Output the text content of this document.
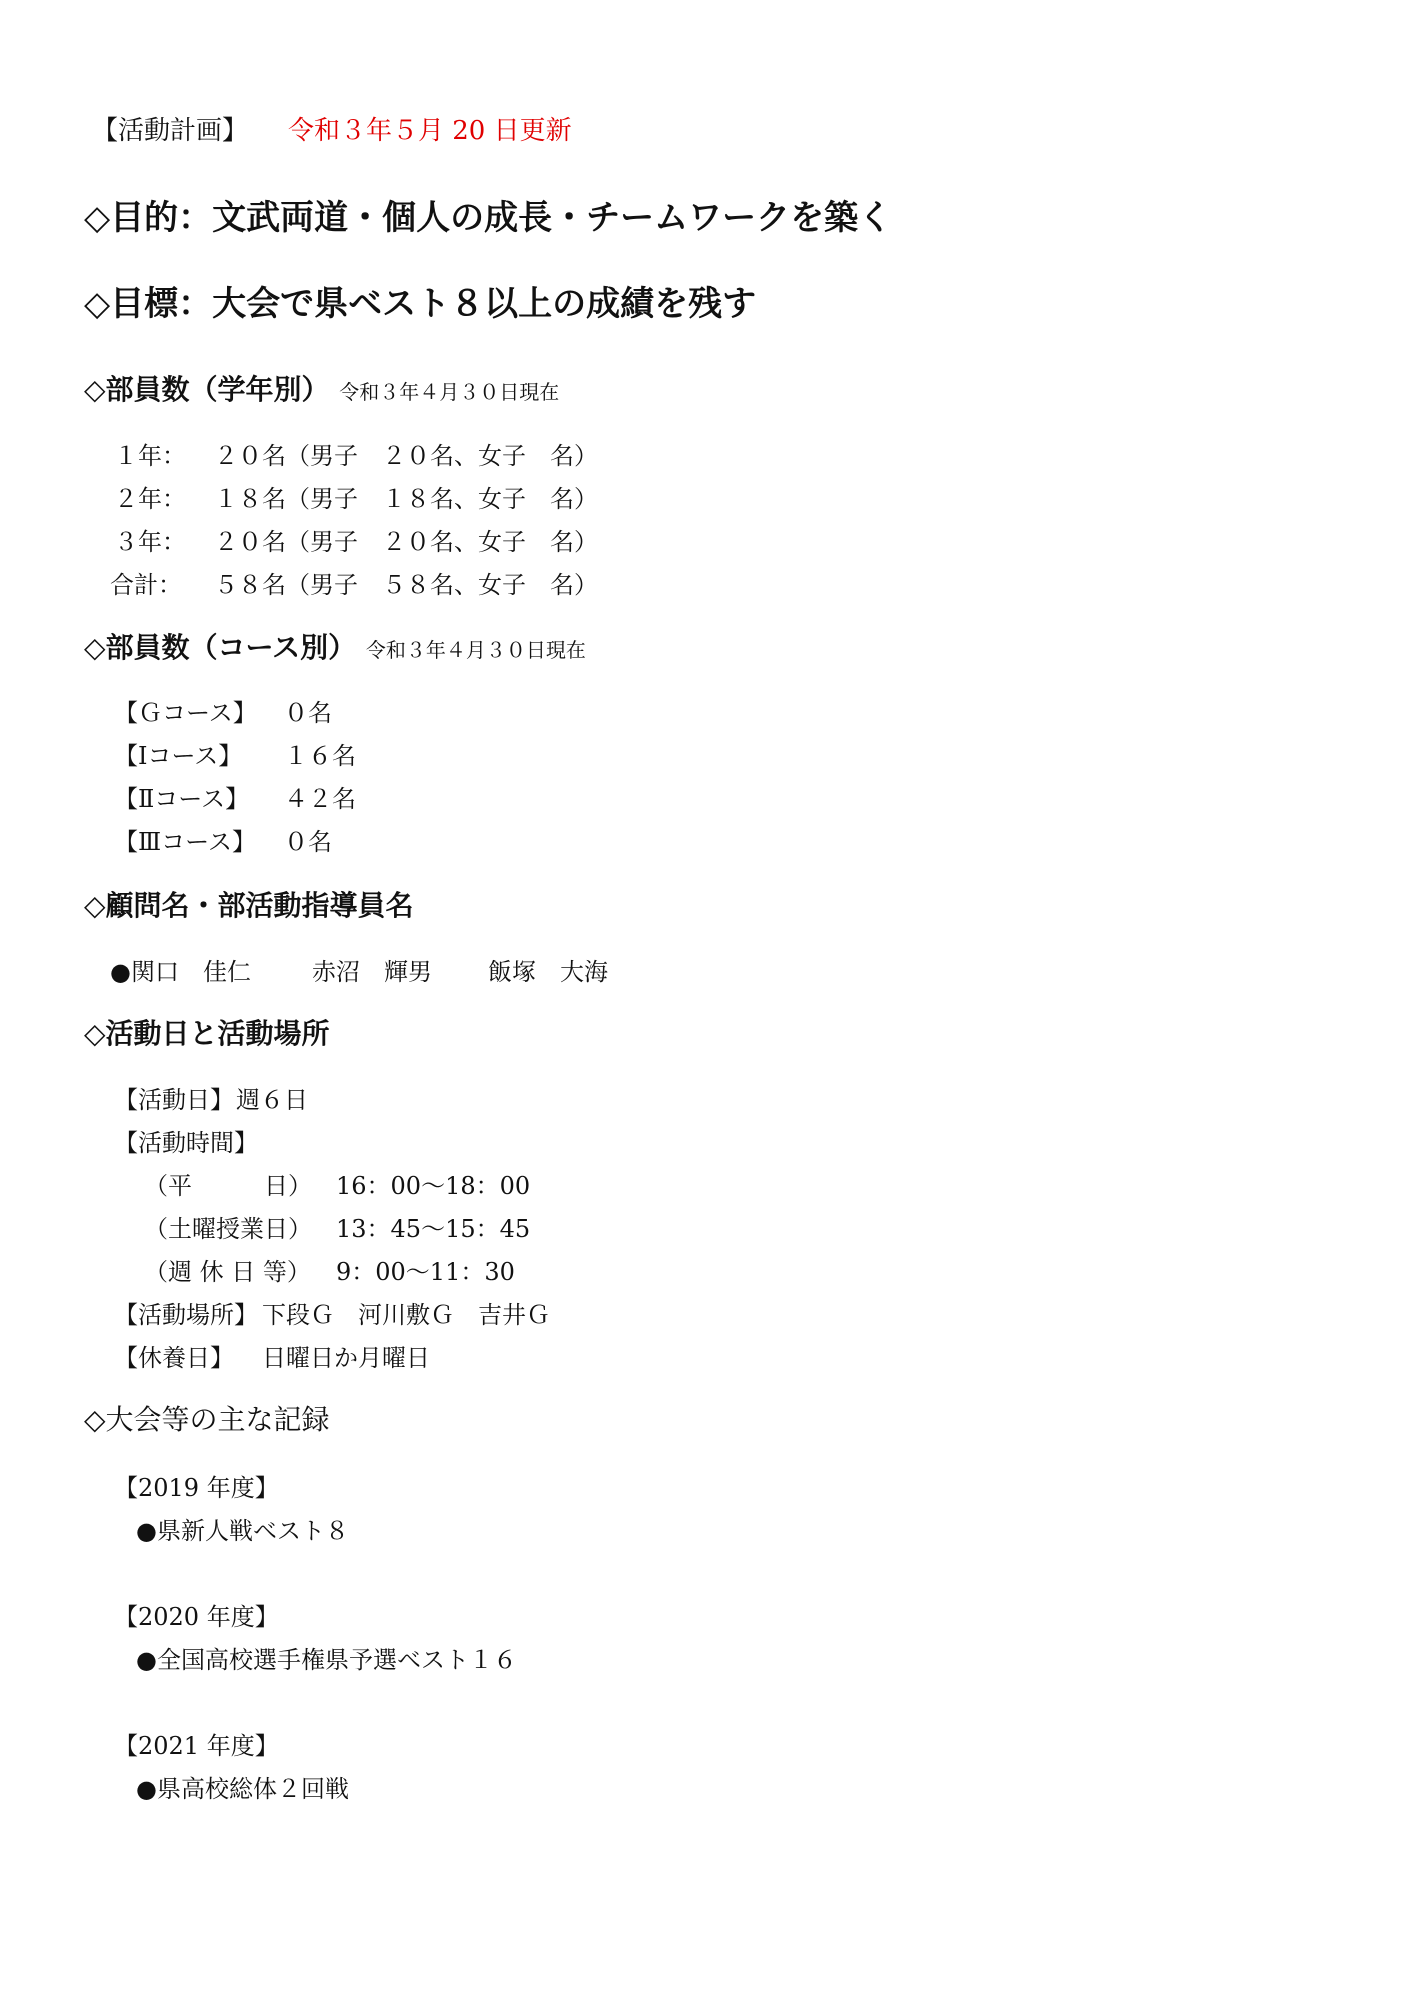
【活動計画】 令和３年５月 20 日更新
◇目的：文武両道・個人の成長・チームワークを築く
◇目標：大会で県ベスト８以上の成績を残す
◇部員数（学年別） 令和３年４月３０日現在
１年： ２０名（男子　２０名、女子　名）
２年： １８名（男子　１８名、女子　名）
３年： ２０名（男子　２０名、女子　名）
合計： ５８名（男子　５８名、女子　名）
◇部員数（コース別） 令和３年４月３０日現在
【Ｇコース】 ０名
【Ⅰコース】 １６名
【Ⅱコース】 ４２名
【Ⅲコース】 ０名
◇顧問名・部活動指導員名
●関口　佳仁	赤沼　輝男 飯塚　大海
◇活動日と活動場所
【活動日】 週６日
【活動時間】
（平　　　日） 16：00〜18：00
（土曜授業日） 13：45〜15：45
（週 休 日 等） 9：00〜11：30
【活動場所】 下段Ｇ　河川敷Ｇ　吉井Ｇ
【休養日】 日曜日か月曜日
◇大会等の主な記録
【2019 年度】
●県新人戦ベスト８
【2020 年度】
●全国高校選手権県予選ベスト１６
【2021 年度】
●県高校総体２回戦
